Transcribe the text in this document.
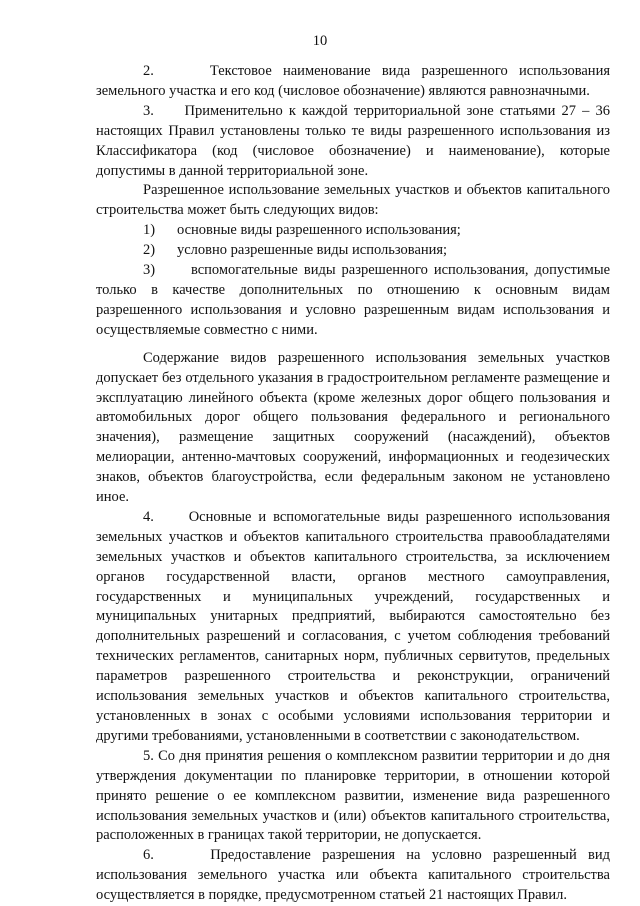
10

2.     Текстовое наименование вида разрешенного использования земельного участка и его код (числовое обозначение) являются равнозначными.

3.     Применительно к каждой территориальной зоне статьями 27 – 36 настоящих Правил установлены только те виды разрешенного использования из Классификатора (код (числовое обозначение) и наименование), которые допустимы в данной территориальной зоне.

Разрешенное использование земельных участков и объектов капитального строительства может быть следующих видов:

1)	основные виды разрешенного использования;

2)	условно разрешенные виды использования;

3)      вспомогательные виды разрешенного использования, допустимые только в качестве дополнительных по отношению к основным видам разрешенного использования и условно разрешенным видам использования и осуществляемые совместно с ними.

Содержание видов разрешенного использования земельных участков допускает без отдельного указания в градостроительном регламенте размещение и эксплуатацию линейного объекта (кроме железных дорог общего пользования и автомобильных дорог общего пользования федерального и регионального значения), размещение защитных сооружений (насаждений), объектов мелиорации, антенно-мачтовых сооружений, информационных и геодезических знаков, объектов благоустройства, если федеральным законом не установлено иное.

4.     Основные и вспомогательные виды разрешенного использования земельных участков и объектов капитального строительства правообладателями земельных участков и объектов капитального строительства, за исключением органов государственной власти, органов местного самоуправления, государственных и муниципальных учреждений, государственных и муниципальных унитарных предприятий, выбираются самостоятельно без дополнительных разрешений и согласования, с учетом соблюдения требований технических регламентов, санитарных норм, публичных сервитутов, предельных параметров разрешенного строительства и реконструкции, ограничений использования земельных участков и объектов капитального строительства, установленных в зонах с особыми условиями использования территории и другими требованиями, установленными в соответствии с законодательством.

5. Со дня принятия решения о комплексном развитии территории и до дня утверждения документации по планировке территории, в отношении которой принято решение о ее комплексном развитии, изменение вида разрешенного использования земельных участков и (или) объектов капитального строительства, расположенных в границах такой территории, не допускается.

6.     Предоставление разрешения на условно разрешенный вид использования земельного участка или объекта капитального строительства осуществляется в порядке, предусмотренном статьей 21 настоящих Правил.
